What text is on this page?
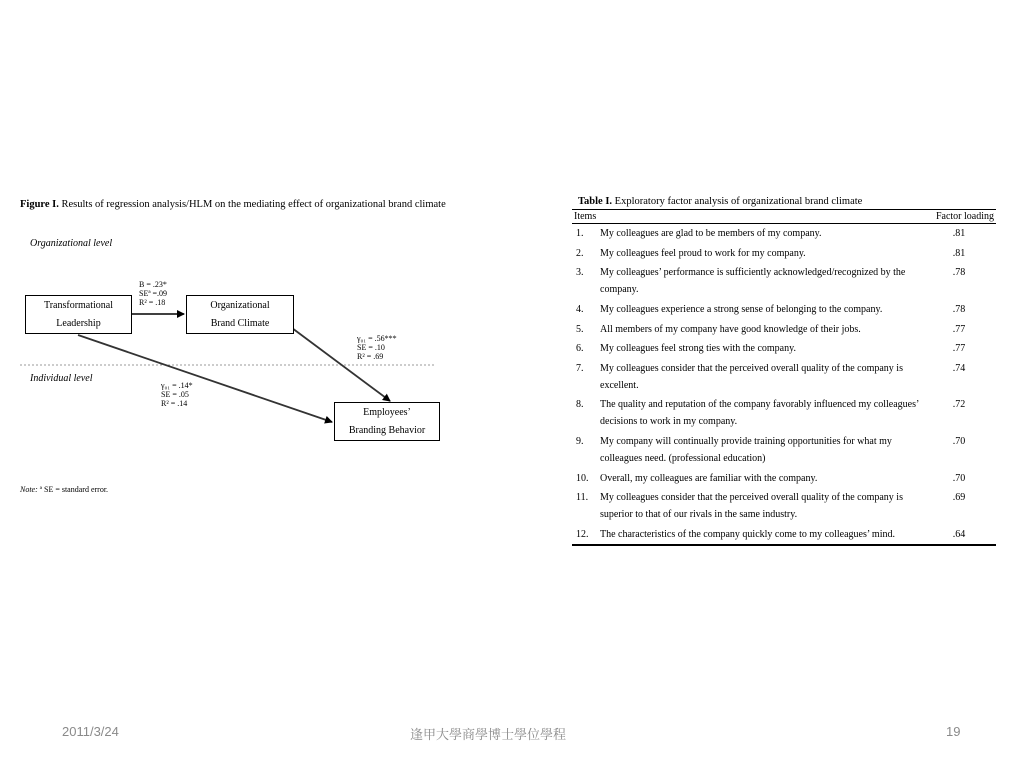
Figure I. Results of regression analysis/HLM on the mediating effect of organizational brand climate
Organizational level
Individual level
Transformational
Leadership
Organizational
Brand Climate
Employees’
Branding Behavior
B = .23*
SEª =.09
R² = .18
γ₀₁ = .56***
SE = .10
R² = .69
γ₀₁ = .14*
SE = .05
R² = .14
Note: ª SE = standard error.
Table I. Exploratory factor analysis of organizational brand climate
Items		Factor loading
1.	My colleagues are glad to be members of my company.	.81
2.	My colleagues feel proud to work for my company.	.81
3.	My colleagues’ performance is sufficiently acknowledged/recognized by the company.	.78
4.	My colleagues experience a strong sense of belonging to the company.	.78
5.	All members of my company have good knowledge of their jobs.	.77
6.	My colleagues feel strong ties with the company.	.77
7.	My colleagues consider that the perceived overall quality of the company is excellent.	.74
8.	The quality and reputation of the company favorably influenced my colleagues’ decisions to work in my company.	.72
9.	My company will continually provide training opportunities for what my colleagues need. (professional education)	.70
10.	Overall, my colleagues are familiar with the company.	.70
11.	My colleagues consider that the perceived overall quality of the company is superior to that of our rivals in the same industry.	.69
12.	The characteristics of the company quickly come to my colleagues’ mind.	.64
2011/3/24	逢甲大學商學博士學位學程	19
